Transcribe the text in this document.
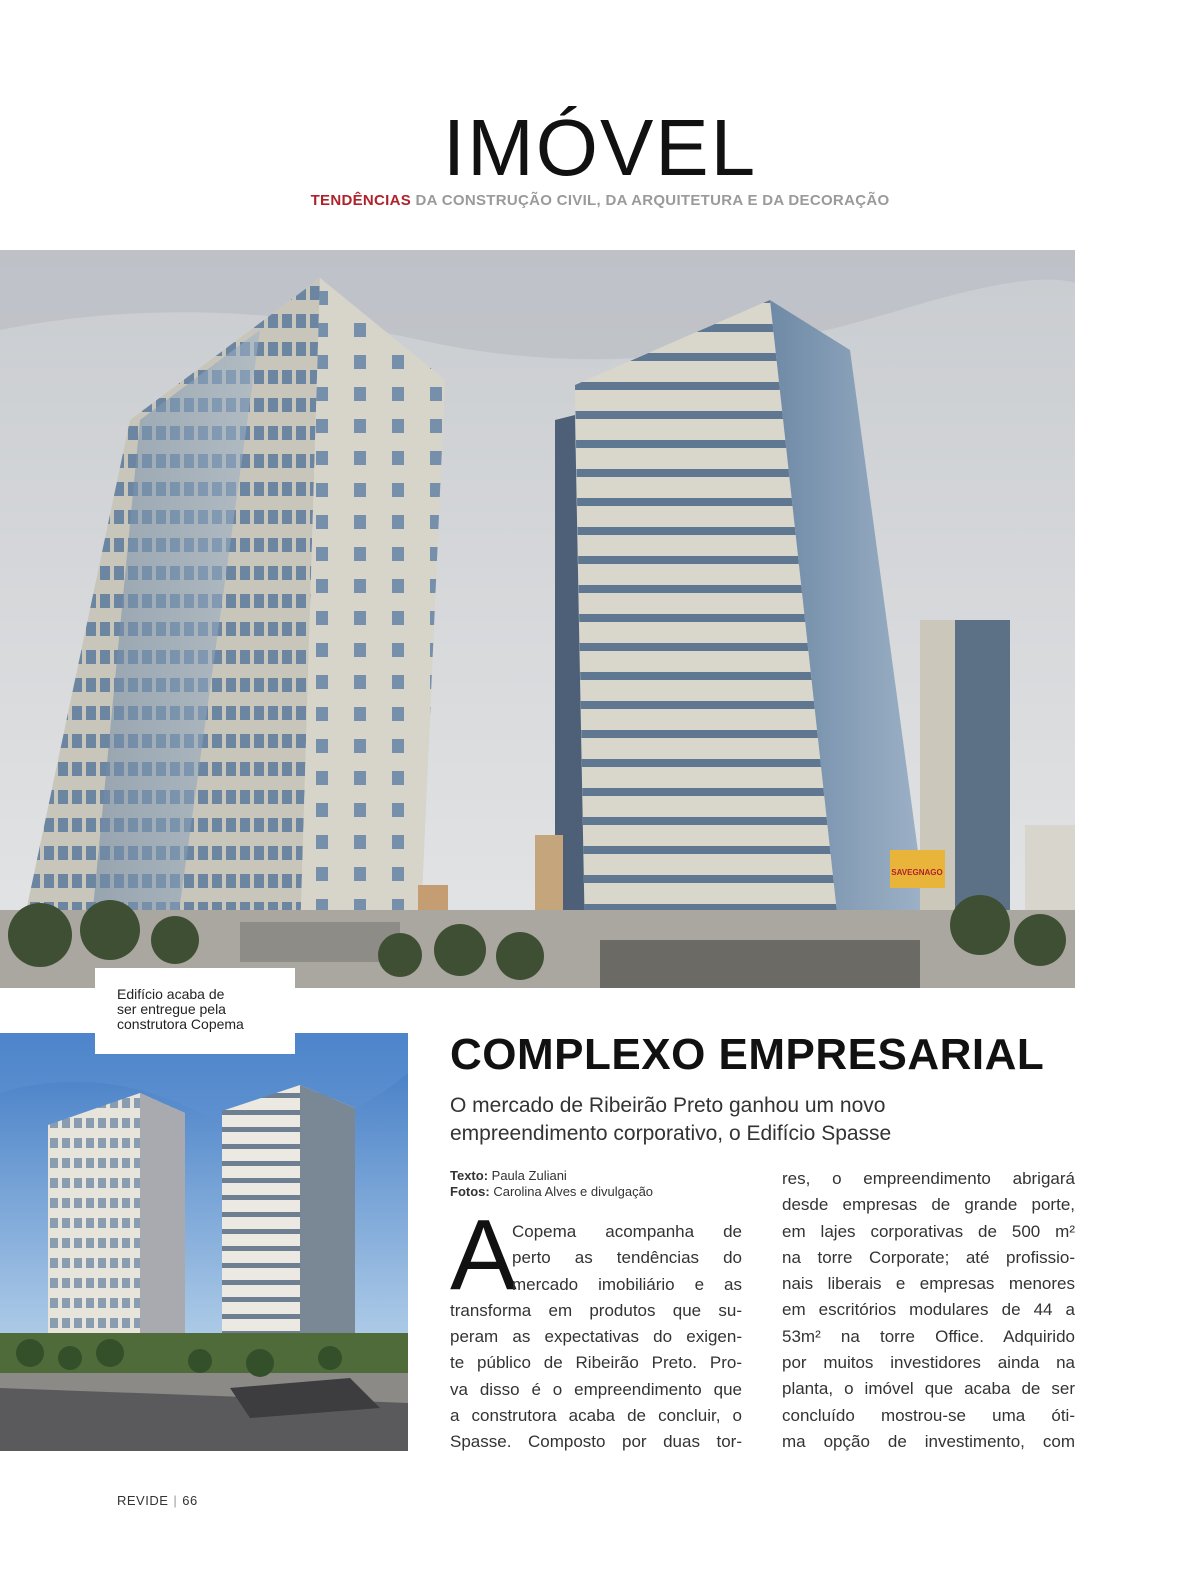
IMÓVEL
TENDÊNCIAS DA CONSTRUÇÃO CIVIL, DA ARQUITETURA E DA DECORAÇÃO
SAVEGNAGO
Edifício acaba de
ser entregue pela
construtora Copema
COMPLEXO EMPRESARIAL
O mercado de Ribeirão Preto ganhou um novo
empreendimento corporativo, o Edifício Spasse
Texto: Paula Zuliani
Fotos: Carolina Alves e divulgação
A
Copema acompanha de
perto as tendências do
mercado imobiliário e as
transforma em produtos que su-
peram as expectativas do exigen-
te público de Ribeirão Preto. Pro-
va disso é o empreendimento que
a construtora acaba de concluir, o
Spasse. Composto por duas tor-
res, o empreendimento abrigará
desde empresas de grande porte,
em lajes corporativas de 500 m²
na torre Corporate; até profissio-
nais liberais e empresas menores
em escritórios modulares de 44 a
53m² na torre Office. Adquirido
por muitos investidores ainda na
planta, o imóvel que acaba de ser
concluído mostrou-se uma óti-
ma opção de investimento, com
REVIDE | 66
